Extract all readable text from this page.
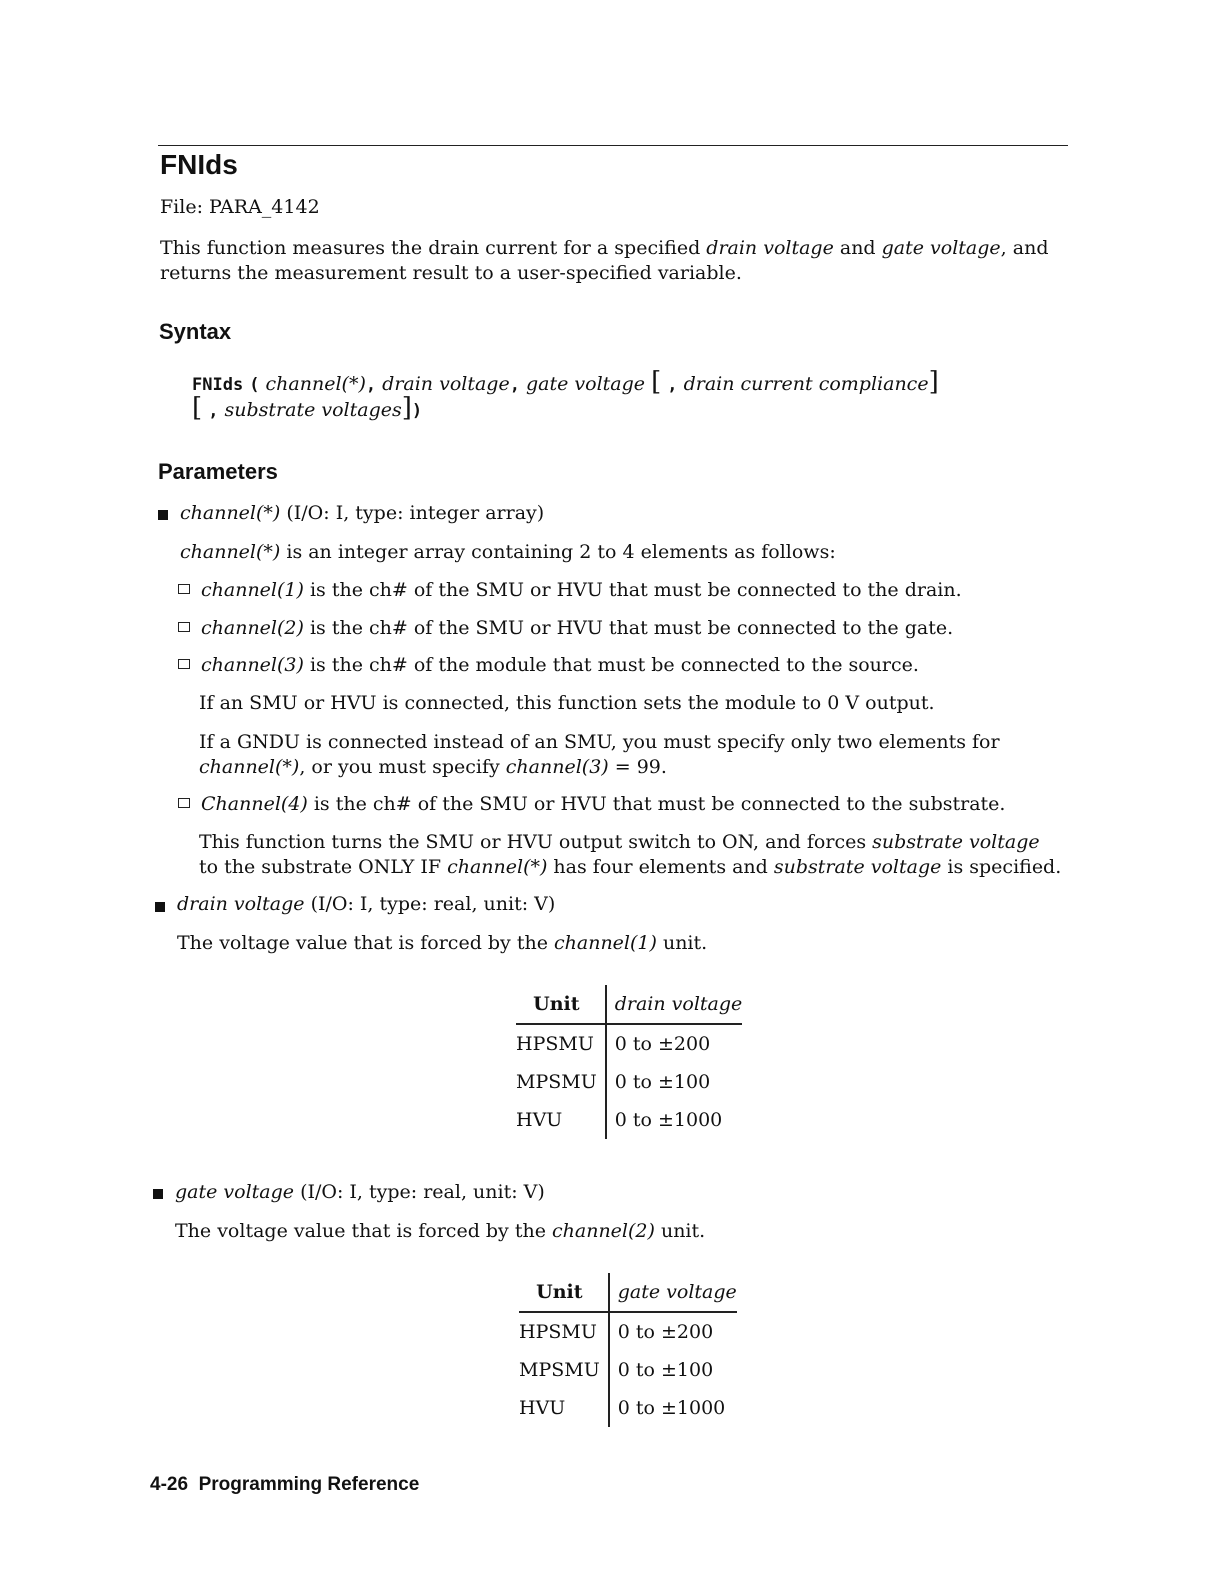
FNIds
File: PARA_4142
This function measures the drain current for a specified drain voltage and gate voltage, and
returns the measurement result to a user-specified variable.
Syntax
FNIds ( channel(*), drain voltage, gate voltage [ , drain current compliance]
[ , substrate voltages])
Parameters
channel(*) (I/O: I, type: integer array)
channel(*) is an integer array containing 2 to 4 elements as follows:
channel(1) is the ch# of the SMU or HVU that must be connected to the drain.
channel(2) is the ch# of the SMU or HVU that must be connected to the gate.
channel(3) is the ch# of the module that must be connected to the source.
If an SMU or HVU is connected, this function sets the module to 0 V output.
If a GNDU is connected instead of an SMU, you must specify only two elements for
channel(*), or you must specify channel(3) = 99.
Channel(4) is the ch# of the SMU or HVU that must be connected to the substrate.
This function turns the SMU or HVU output switch to ON, and forces substrate voltage
to the substrate ONLY IF channel(*) has four elements and substrate voltage is specified.
drain voltage (I/O: I, type: real, unit: V)
The voltage value that is forced by the channel(1) unit.
Unit	drain voltage
HPSMU	0 to ±200
MPSMU	0 to ±100
HVU	0 to ±1000
gate voltage (I/O: I, type: real, unit: V)
The voltage value that is forced by the channel(2) unit.
Unit	gate voltage
HPSMU	0 to ±200
MPSMU	0 to ±100
HVU	0 to ±1000
4-26  Programming Reference
